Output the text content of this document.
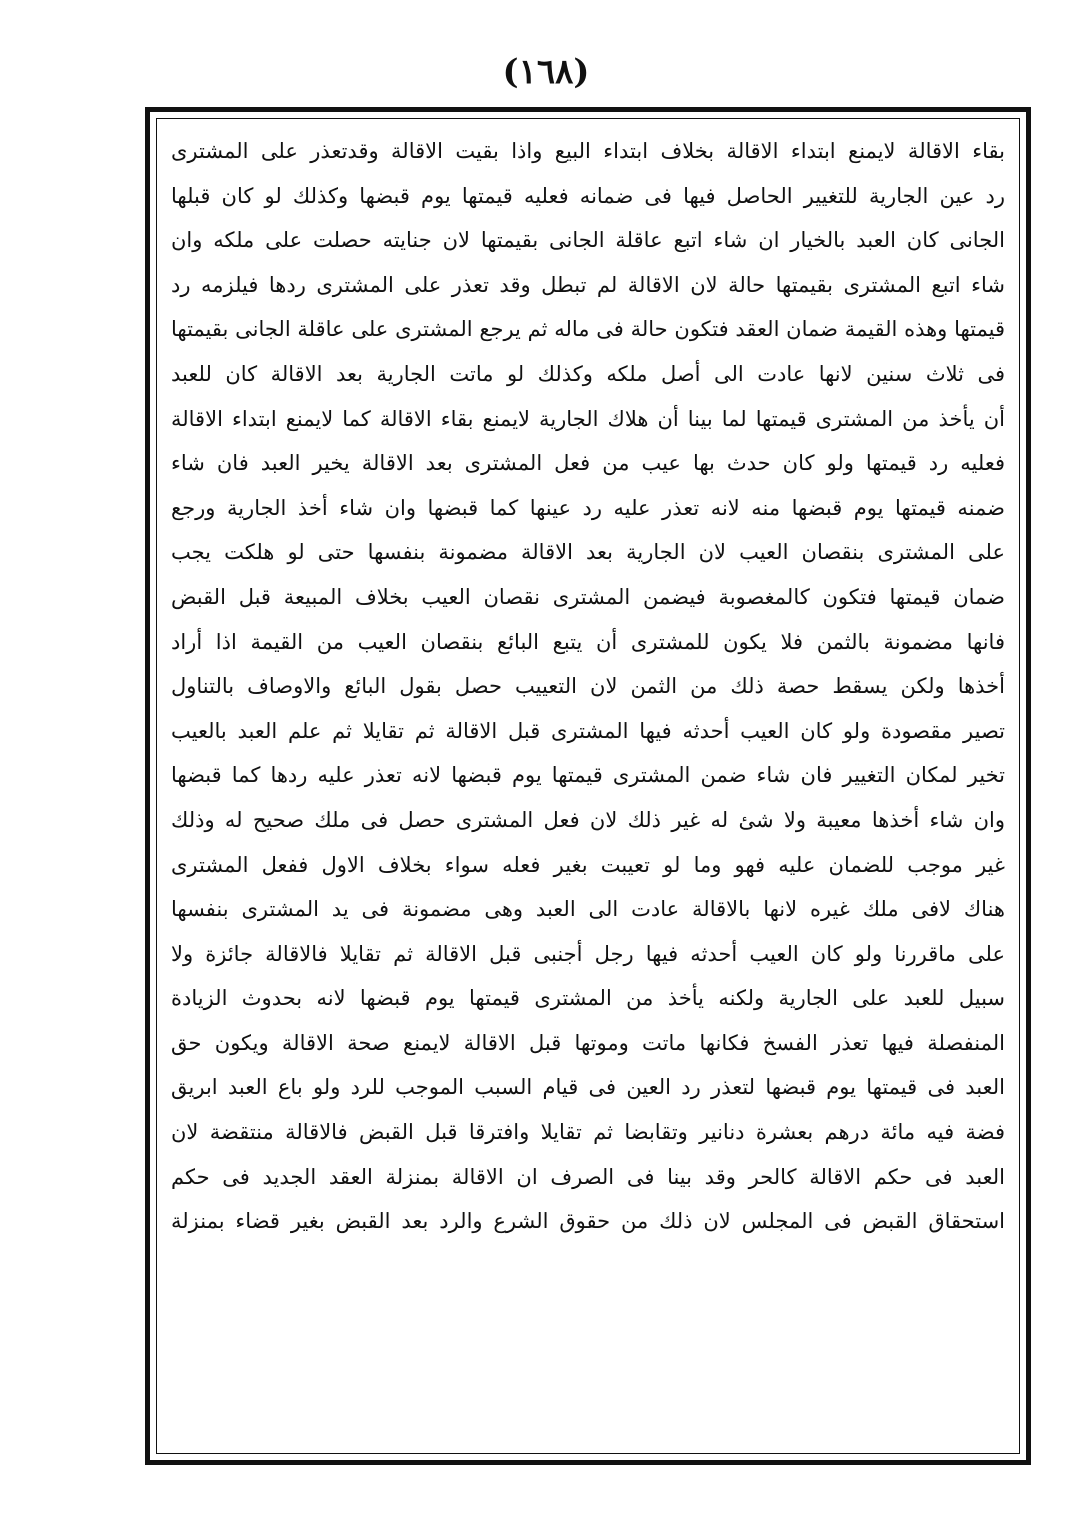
(١٦٨)
بقاء الاقالة لايمنع ابتداء الاقالة بخلاف ابتداء البيع واذا بقيت الاقالة وقدتعذر على المشترى
رد عين الجارية للتغيير الحاصل فيها فى ضمانه فعليه قيمتها يوم قبضها وكذلك لو كان قبلها
الجانى كان العبد بالخيار ان شاء اتبع عاقلة الجانى بقيمتها لان جنايته حصلت على ملكه وان
شاء اتبع المشترى بقيمتها حالة لان الاقالة لم تبطل وقد تعذر على المشترى ردها فيلزمه رد
قيمتها وهذه القيمة ضمان العقد فتكون حالة فى ماله ثم يرجع المشترى على عاقلة الجانى بقيمتها
فى ثلاث سنين لانها عادت الى أصل ملكه وكذلك لو ماتت الجارية بعد الاقالة كان للعبد
أن يأخذ من المشترى قيمتها لما بينا أن هلاك الجارية لايمنع بقاء الاقالة كما لايمنع ابتداء الاقالة
فعليه رد قيمتها ولو كان حدث بها عيب من فعل المشترى بعد الاقالة يخير العبد فان شاء
ضمنه قيمتها يوم قبضها منه لانه تعذر عليه رد عينها كما قبضها وان شاء أخذ الجارية ورجع
على المشترى بنقصان العيب لان الجارية بعد الاقالة مضمونة بنفسها حتى لو هلكت يجب
ضمان قيمتها فتكون كالمغصوبة فيضمن المشترى نقصان العيب بخلاف المبيعة قبل القبض
فانها مضمونة بالثمن فلا يكون للمشترى أن يتبع البائع بنقصان العيب من القيمة اذا أراد
أخذها ولكن يسقط حصة ذلك من الثمن لان التعييب حصل بقول البائع والاوصاف بالتناول
تصير مقصودة ولو كان العيب أحدثه فيها المشترى قبل الاقالة ثم تقايلا ثم علم العبد بالعيب
تخير لمكان التغيير فان شاء ضمن المشترى قيمتها يوم قبضها لانه تعذر عليه ردها كما قبضها
وان شاء أخذها معيبة ولا شئ له غير ذلك لان فعل المشترى حصل فى ملك صحيح له وذلك
غير موجب للضمان عليه فهو وما لو تعيبت بغير فعله سواء بخلاف الاول ففعل المشترى
هناك لافى ملك غيره لانها بالاقالة عادت الى العبد وهى مضمونة فى يد المشترى بنفسها
على ماقررنا ولو كان العيب أحدثه فيها رجل أجنبى قبل الاقالة ثم تقايلا فالاقالة جائزة ولا
سبيل للعبد على الجارية ولكنه يأخذ من المشترى قيمتها يوم قبضها لانه بحدوث الزيادة
المنفصلة فيها تعذر الفسخ فكانها ماتت وموتها قبل الاقالة لايمنع صحة الاقالة ويكون حق
العبد فى قيمتها يوم قبضها لتعذر رد العين فى قيام السبب الموجب للرد ولو باع العبد ابريق
فضة فيه مائة درهم بعشرة دنانير وتقابضا ثم تقايلا وافترقا قبل القبض فالاقالة منتقضة لان
العبد فى حكم الاقالة كالحر وقد بينا فى الصرف ان الاقالة بمنزلة العقد الجديد فى حكم
استحقاق القبض فى المجلس لان ذلك من حقوق الشرع والرد بعد القبض بغير قضاء بمنزلة
